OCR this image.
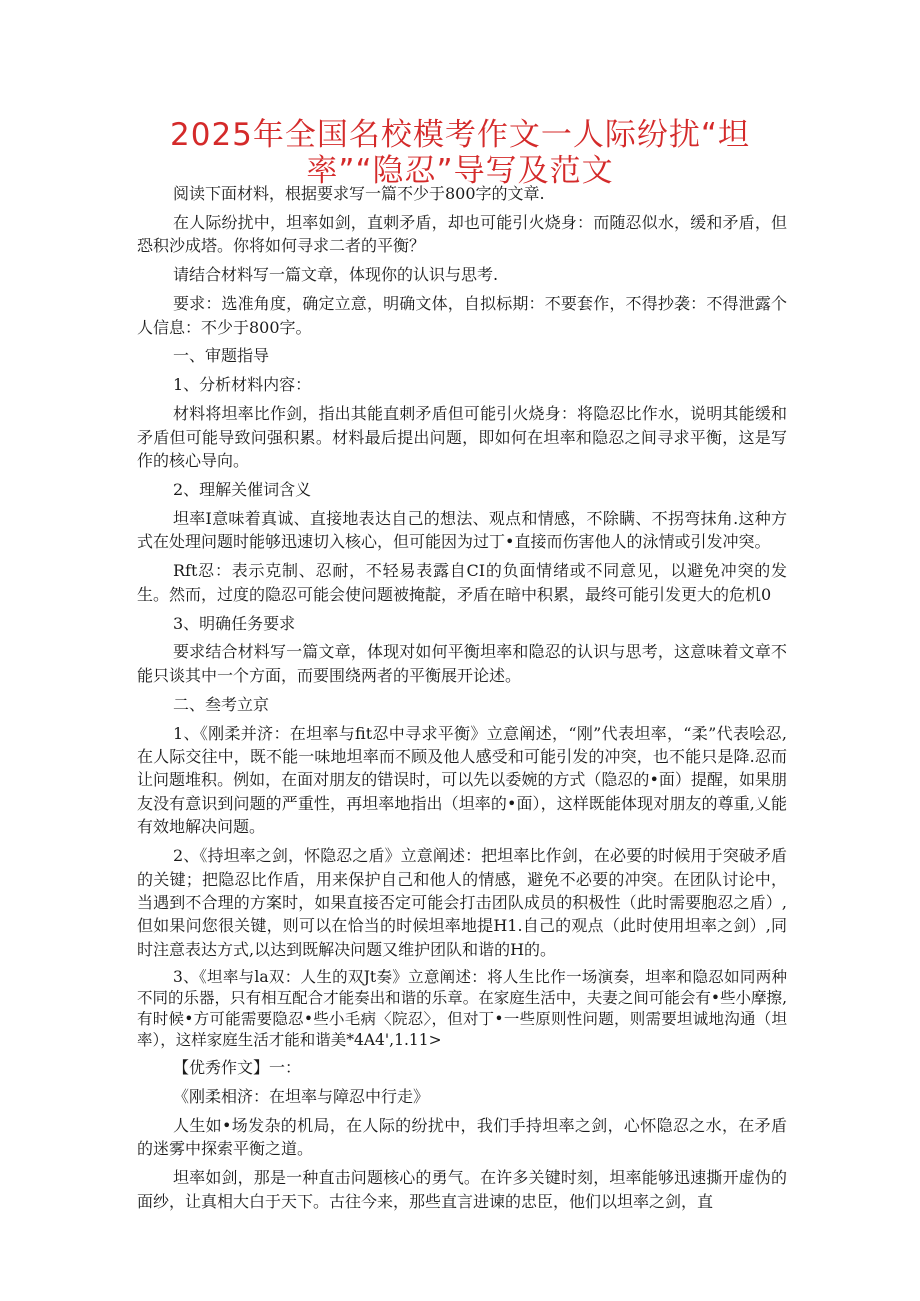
2025年全国名校模考作文一人际纷扰“坦
率”“隐忍”导写及范文

阅读下面材料，根据要求写一篇不少于800字的文章.

在人际纷扰中，坦率如剑，直刺矛盾，却也可能引火烧身：而随忍似水，缓和矛盾，但恐积沙成塔。你将如何寻求二者的平衡？

请结合材料写一篇文章，体现你的认识与思考.

要求：选准角度，确定立意，明确文体，自拟标期：不要套作，不得抄袭：不得泄露个人信息：不少于800字。

一、审题指导

1、分析材料内容：

材料将坦率比作剑，指出其能直刺矛盾但可能引火烧身：将隐忍比作水，说明其能缓和矛盾但可能导致问强积累。材料最后提出问题，即如何在坦率和隐忍之间寻求平衡，这是写作的核心导向。

2、理解关催词含义

坦率I意味着真诚、直接地表达自己的想法、观点和情感，不除瞒、不拐弯抹角.这种方式在处理问题时能够迅速切入核心，但可能因为过丁•直接而伤害他人的泳情或引发冲突。

Rft忍：表示克制、忍耐，不轻易表露自CI的负面情绪或不同意见，以避免冲突的发生。然而，过度的隐忍可能会使问题被掩靛，矛盾在暗中积累，最终可能引发更大的危机0

3、明确任务要求

要求结合材料写一篇文章，体现对如何平衡坦率和隐忍的认识与思考，这意味着文章不能只谈其中一个方面，而要围绕两者的平衡展开论述。

二、叁考立京

1、《刚柔并济：在坦率与fit忍中寻求平衡》立意阐述，“刚”代表坦率，“柔”代表哙忍,在人际交往中，既不能一味地坦率而不顾及他人感受和可能引发的冲突，也不能只是降.忍而让问题堆积。例如，在面对朋友的错误时，可以先以委婉的方式（隐忍的•面）提醒，如果朋友没有意识到问题的严重性，再坦率地指出（坦率的•面），这样既能体现对朋友的尊重,乂能有效地解决问题。

2、《持坦率之剑，怀隐忍之盾》立意阐述：把坦率比作剑，在必要的时候用于突破矛盾的关键；把隐忍比作盾，用来保护自己和他人的情感，避免不必要的冲突。在团队讨论中，当遇到不合理的方案时，如果直接否定可能会打击团队成员的积极性（此时需要胞忍之盾）,但如果问您很关键，则可以在恰当的时候坦率地提H1.自己的观点（此时使用坦率之剑）,同时注意表达方式,以达到既解决问题又维护团队和谐的H的。

3、《坦率与la双：人生的双Jt奏》立意阐述：将人生比作一场演奏，坦率和隐忍如同两种不同的乐器，只有相互配合才能奏出和谐的乐章。在家庭生活中，夫妻之间可能会有•些小摩擦,有时候•方可能需要隐忍•些小毛病〈院忍〉，但对丁•一些原则性问题，则需要坦诚地沟通（坦率），这样家庭生活才能和谐美*4A4',1.11>

【优秀作文】一：

《刚柔相济：在坦率与障忍中行走》

人生如•场发杂的机局，在人际的纷扰中，我们手持坦率之剑，心怀隐忍之水，在矛盾的迷雾中探索平衡之道。

坦率如剑，那是一种直击问题核心的勇气。在许多关键时刻，坦率能够迅速撕开虚伪的面纱，让真相大白于天下。古往今来，那些直言进谏的忠臣，他们以坦率之剑，直
